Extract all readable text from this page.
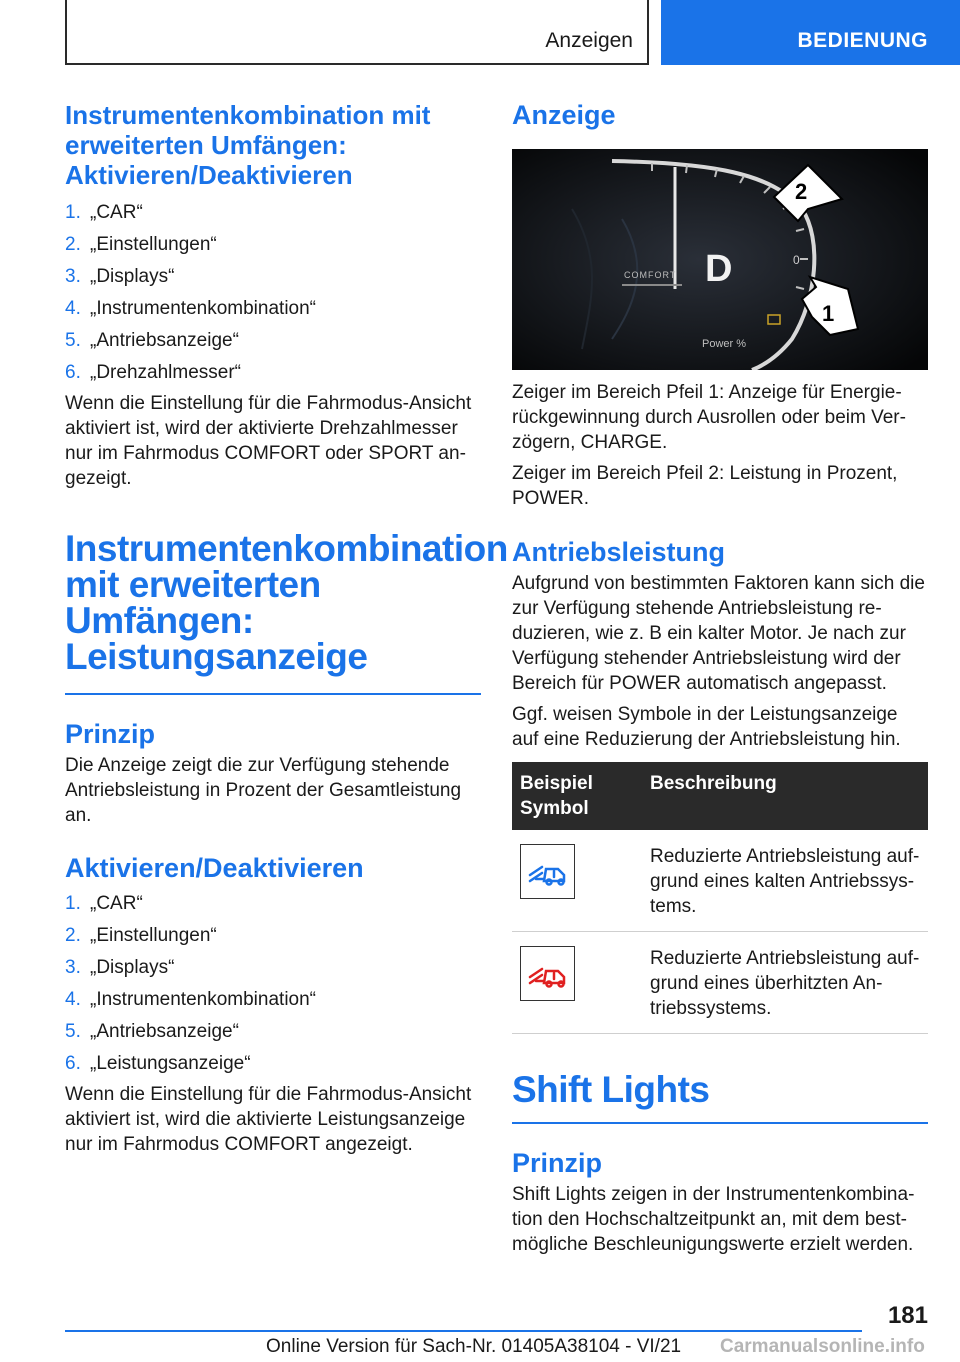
Anzeigen	BEDIENUNG
Instrumentenkombination mit erweiterten Umfängen: Aktivieren/Deaktivieren
1. „CAR“
2. „Einstellungen“
3. „Displays“
4. „Instrumentenkombination“
5. „Antriebsanzeige“
6. „Drehzahlmesser“

Wenn die Einstellung für die Fahrmodus-Ansicht aktiviert ist, wird der aktivierte Drehzahlmesser nur im Fahrmodus COMFORT oder SPORT angezeigt.

Instrumentenkombination mit erweiterten Umfängen: Leistungsanzeige
Prinzip

Die Anzeige zeigt die zur Verfügung stehende Antriebsleistung in Prozent der Gesamtleistung an.

Aktivieren/Deaktivieren
1. „CAR“
2. „Einstellungen“
3. „Displays“
4. „Instrumentenkombination“
5. „Antriebsanzeige“
6. „Leistungsanzeige“

Wenn die Einstellung für die Fahrmodus-Ansicht aktiviert ist, wird die aktivierte Leistungsanzeige nur im Fahrmodus COMFORT angezeigt.

Anzeige
D
COMFORT
0
Power %
2
1

Zeiger im Bereich Pfeil 1: Anzeige für Energierückgewinnung durch Ausrollen oder beim Verzögern, CHARGE.

Zeiger im Bereich Pfeil 2: Leistung in Prozent, POWER.

Antriebsleistung

Aufgrund von bestimmten Faktoren kann sich die zur Verfügung stehende Antriebsleistung reduzieren, wie z. B ein kalter Motor. Je nach zur Verfügung stehender Antriebsleistung wird der Bereich für POWER automatisch angepasst.

Ggf. weisen Symbole in der Leistungsanzeige auf eine Reduzierung der Antriebsleistung hin.

Beispiel Symbol	Beschreibung

	Reduzierte Antriebsleistung aufgrund eines kalten Antriebssystems.

	Reduzierte Antriebsleistung aufgrund eines überhitzten Antriebssystems.
Shift Lights
Prinzip

Shift Lights zeigen in der Instrumentenkombination den Hochschaltzeitpunkt an, mit dem bestmögliche Beschleunigungswerte erzielt werden.

181
Online Version für Sach-Nr. 01405A38104 - VI/21 Carmanualsonline.info
